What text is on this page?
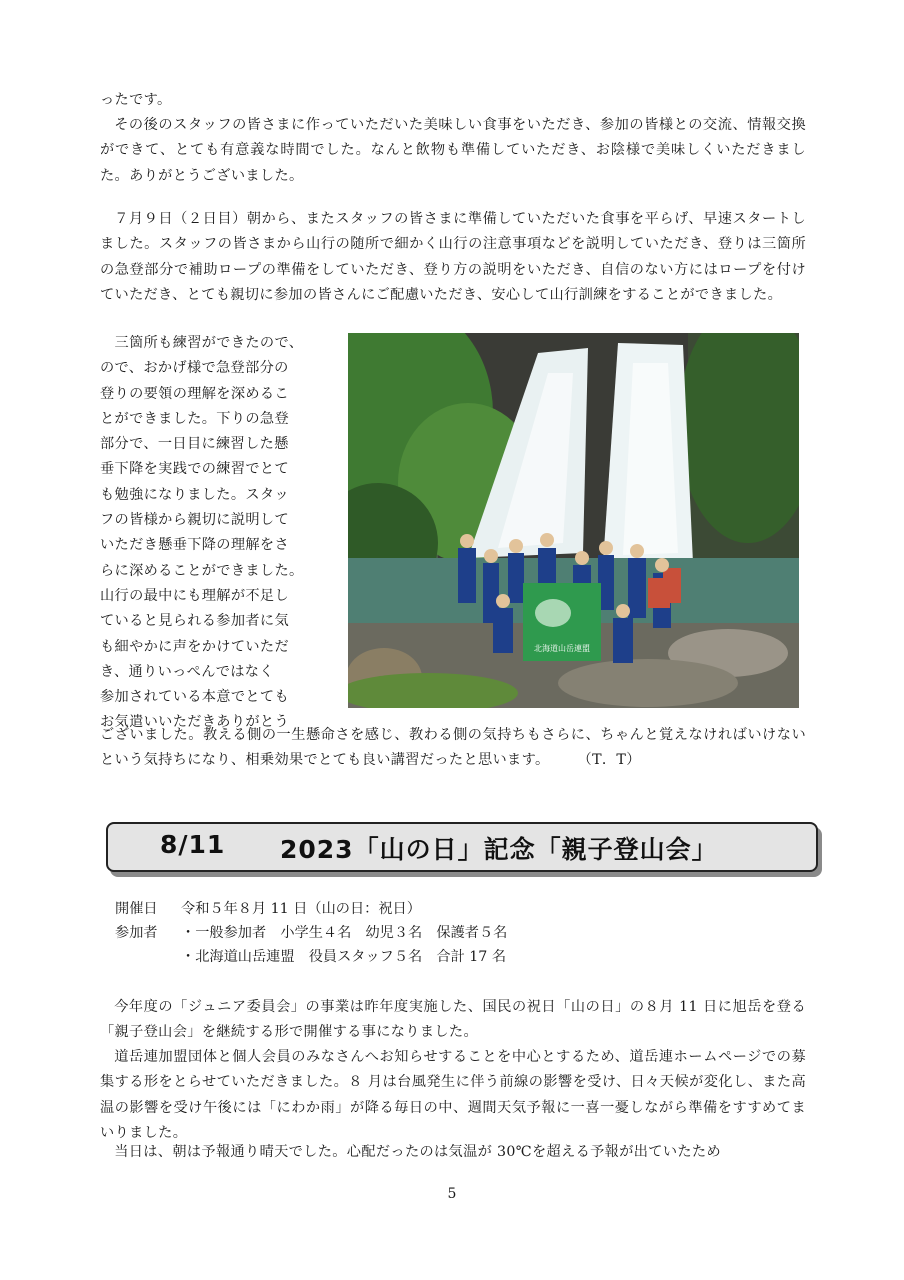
ったです。

その後のスタッフの皆さまに作っていただいた美味しい食事をいただき、参加の皆様との交流、情報交換ができて、とても有意義な時間でした。なんと飲物も準備していただき、お陰様で美味しくいただきました。ありがとうございました。

７月９日（２日目）朝から、またスタッフの皆さまに準備していただいた食事を平らげ、早速スタートしました。スタッフの皆さまから山行の随所で細かく山行の注意事項などを説明していただき、登りは三箇所の急登部分で補助ロープの準備をしていただき、登り方の説明をいただき、自信のない方にはロープを付けていただき、とても親切に参加の皆さんにご配慮いただき、安心して山行訓練をすることができました。

　三箇所も練習ができたので、
ので、おかげ様で急登部分の
登りの要領の理解を深めるこ
とができました。下りの急登
部分で、一日目に練習した懸
垂下降を実践での練習でとて
も勉強になりました。スタッ
フの皆様から親切に説明して
いただき懸垂下降の理解をさ
らに深めることができました。
山行の最中にも理解が不足し
ていると見られる参加者に気
も細やかに声をかけていただ
き、通りいっぺんではなく
参加されている本意でとても
お気遣いいただきありがとう
北海道山岳連盟

ございました。教える側の一生懸命さを感じ、教わる側の気持ちもさらに、ちゃんと覚えなければいけないという気持ちになり、相乗効果でとても良い講習だったと思います。 （T．T）

8/11 2023「山の日」記念「親子登山会」
開催日 令和５年８月 11 日（山の日：祝日）
参加者 ・一般参加者　小学生４名　幼児３名　保護者５名
・北海道山岳連盟　役員スタッフ５名　合計 17 名

今年度の「ジュニア委員会」の事業は昨年度実施した、国民の祝日「山の日」の８月 11 日に旭岳を登る「親子登山会」を継続する形で開催する事になりました。

道岳連加盟団体と個人会員のみなさんへお知らせすることを中心とするため、道岳連ホームページでの募集する形をとらせていただきました。８ 月は台風発生に伴う前線の影響を受け、日々天候が変化し、また高温の影響を受け午後には「にわか雨」が降る毎日の中、週間天気予報に一喜一憂しながら準備をすすめてまいりました。

当日は、朝は予報通り晴天でした。心配だったのは気温が 30℃を超える予報が出ていたため

5
